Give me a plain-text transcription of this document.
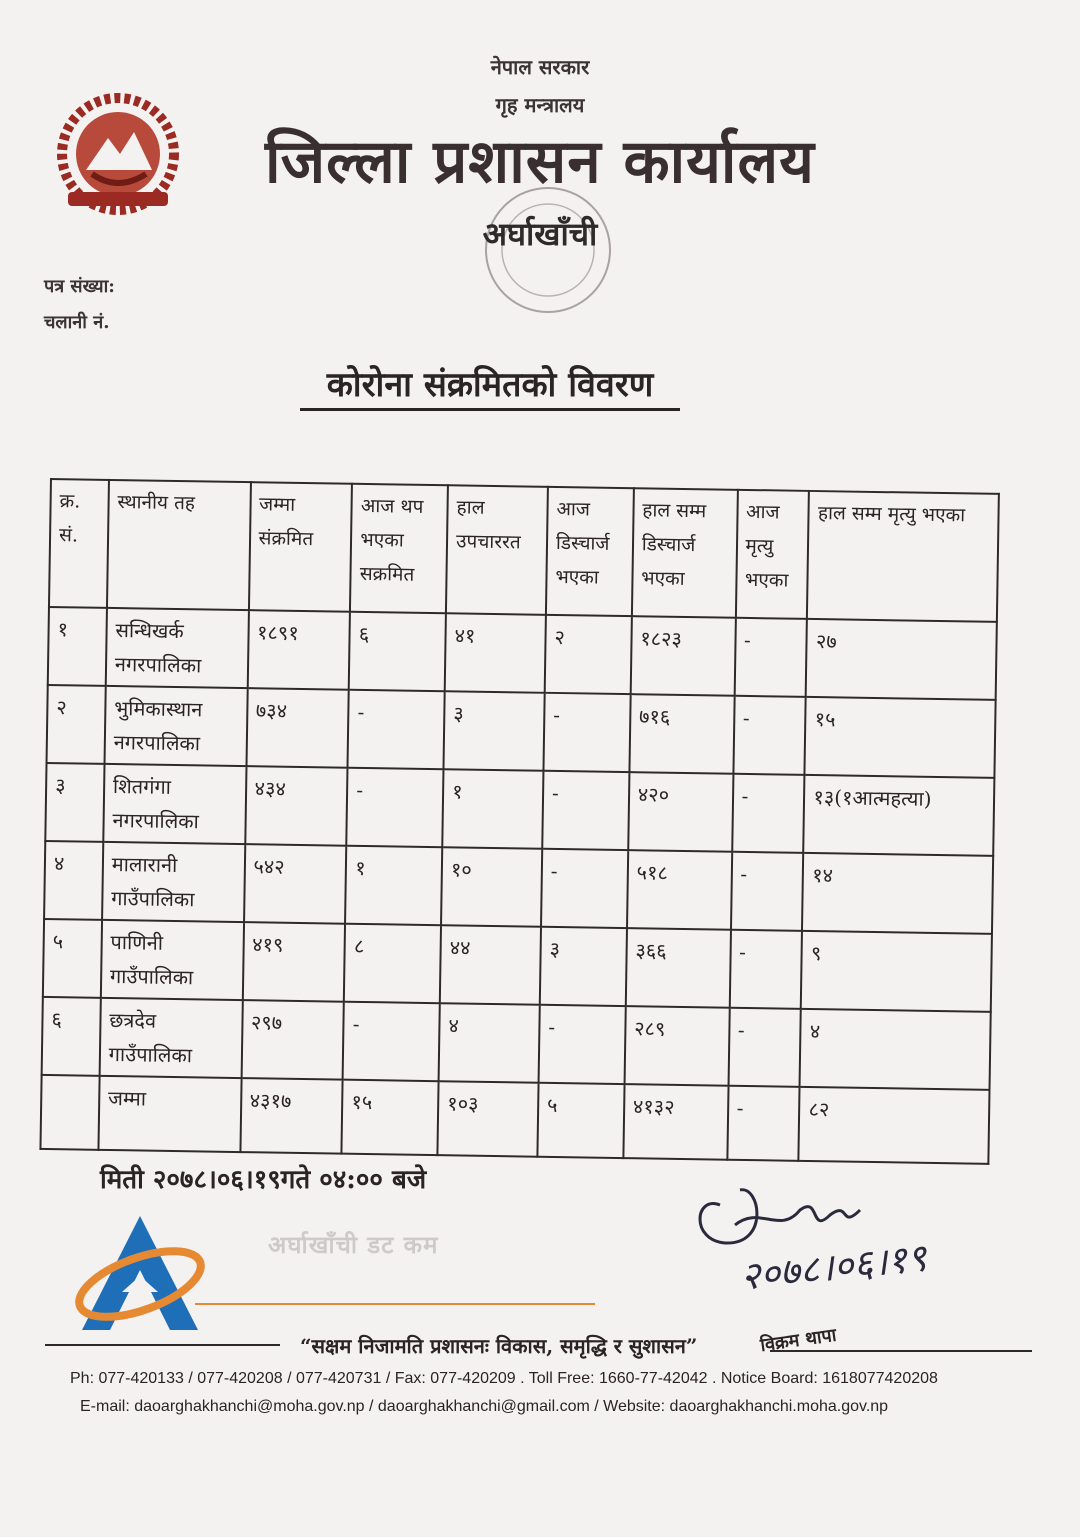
नेपाल सरकार
गृह मन्त्रालय
जिल्ला प्रशासन कार्यालय
अर्घाखाँची
पत्र संख्या:
चलानी नं.
कोरोना संक्रमितको विवरण
क्र. सं.	स्थानीय तह	जम्मा संक्रमित	आज थप भएका सक्रमित	हाल उपचाररत	आज डिस्चार्ज भएका	हाल सम्म डिस्चार्ज भएका	आज मृत्यु भएका	हाल सम्म मृत्यु भएका
१	सन्धिखर्क नगरपालिका	१८९१	६	४१	२	१८२३	-	२७
२	भुमिकास्थान नगरपालिका	७३४	-	३	-	७१६	-	१५
३	शितगंगा नगरपालिका	४३४	-	१	-	४२०	-	१३(१आत्महत्या)
४	मालारानी गाउँपालिका	५४२	१	१०	-	५१८	-	१४
५	पाणिनी गाउँपालिका	४१९	८	४४	३	३६६	-	९
६	छत्रदेव गाउँपालिका	२९७	-	४	-	२८९	-	४
	जम्मा	४३१७	१५	१०३	५	४१३२	-	८२
मिती २०७८।०६।१९गते ०४:०० बजे
२०७८।०६।१९
अर्घाखाँची डट कम
“सक्षम निजामति प्रशासनः विकास, समृद्धि र सुशासन”	विक्रम थापा
Ph: 077-420133 / 077-420208 / 077-420731 / Fax: 077-420209 . Toll Free: 1660-77-42042 . Notice Board: 1618077420208
E-mail: daoarghakhanchi@moha.gov.np / daoarghakhanchi@gmail.com / Website: daoarghakhanchi.moha.gov.np
